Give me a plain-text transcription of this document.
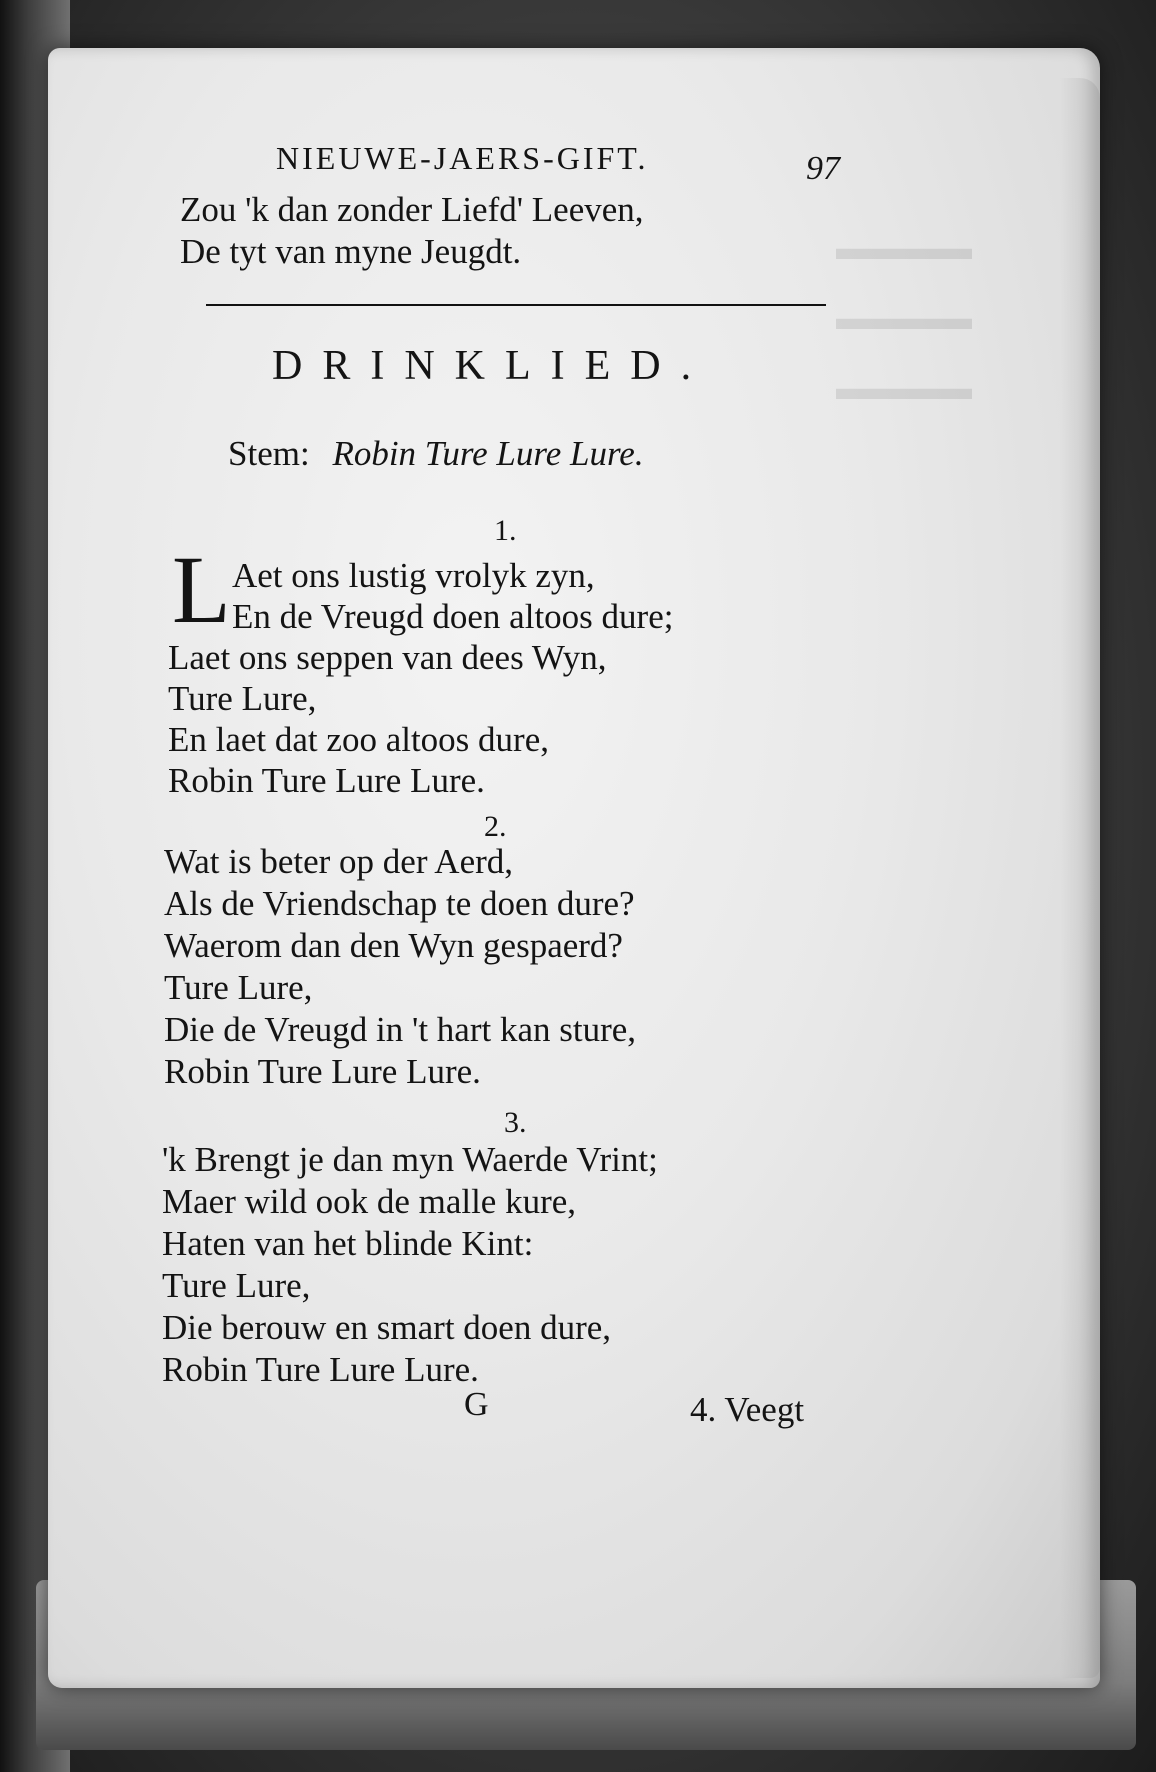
▬▬▬▬
▬▬▬▬
▬▬▬▬
NIEUWE-JAERS-GIFT.	97
Zou 'k dan zonder Liefd' Leeven,
De tyt van myne Jeugdt.
DRINKLIED.
Stem: Robin Ture Lure Lure.
1.
L Aet ons lustig vrolyk zyn,
En de Vreugd doen altoos dure;
Laet ons seppen van dees Wyn,
Ture Lure,
En laet dat zoo altoos dure,
Robin Ture Lure Lure.
2.
Wat is beter op der Aerd,
Als de Vriendschap te doen dure?
Waerom dan den Wyn gespaerd?
Ture Lure,
Die de Vreugd in 't hart kan sture,
Robin Ture Lure Lure.
3.
'k Brengt je dan myn Waerde Vrint;
Maer wild ook de malle kure,
Haten van het blinde Kint:
Ture Lure,
Die berouw en smart doen dure,
Robin Ture Lure Lure.
G	4. Veegt
